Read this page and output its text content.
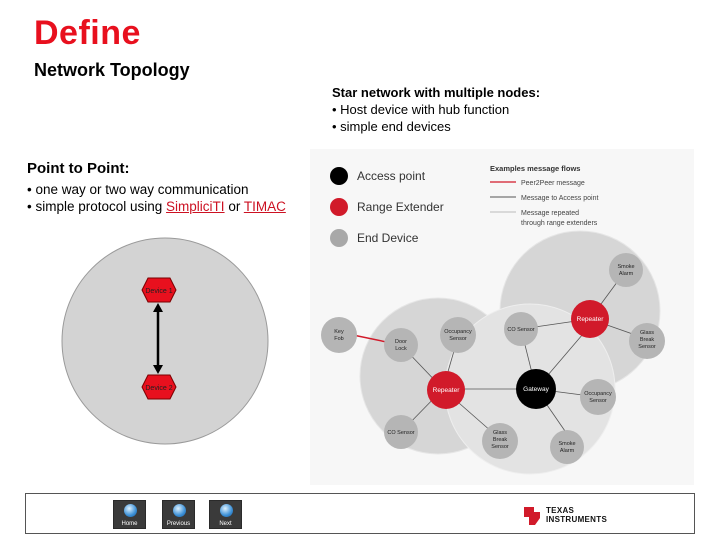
Define
Network Topology
Star network with multiple nodes:
• Host device with hub function
• simple end devices
Point to Point:
• one way or two way communication
• simple protocol using SimpliciTI or TIMAC
Device 1
Device 2
Access point
Range Extender
End Device
Examples message flows
Peer2Peer message
Message to Access point
Message repeated
through range extenders
Smoke
Alarm
Glass
Break
Sensor
CO Sensor
Occupancy
Sensor
Key
Fob	Door
Lock
Occupancy
Sensor
CO Sensor	Glass
Break
Sensor	Smoke
Alarm
Repeater
Repeater	Gateway
Home	Previous	Next
TEXAS
INSTRUMENTS
